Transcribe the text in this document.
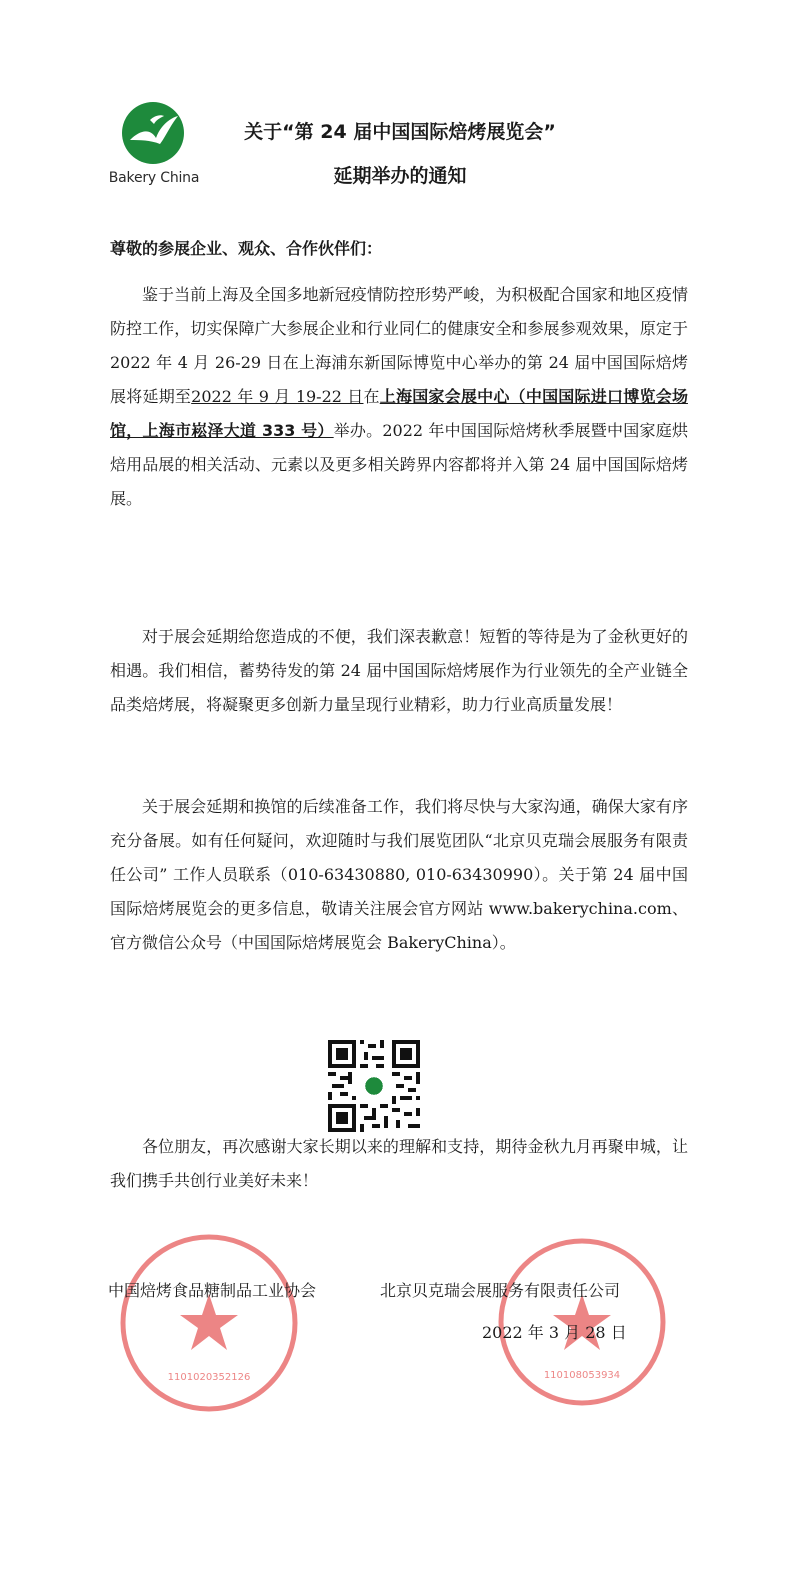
Bakery China
关于“第 24 届中国国际焙烤展览会”
延期举办的通知
尊敬的参展企业、观众、合作伙伴们：

鉴于当前上海及全国多地新冠疫情防控形势严峻，为积极配合国家和地区疫情防控工作，切实保障广大参展企业和行业同仁的健康安全和参展参观效果，原定于 2022 年 4 月 26-29 日在上海浦东新国际博览中心举办的第 24 届中国国际焙烤展将延期至2022 年 9 月 19-22 日在上海国家会展中心（中国国际进口博览会场馆，上海市崧泽大道 333 号）举办。2022 年中国国际焙烤秋季展暨中国家庭烘焙用品展的相关活动、元素以及更多相关跨界内容都将并入第 24 届中国国际焙烤展。

对于展会延期给您造成的不便，我们深表歉意！短暂的等待是为了金秋更好的相遇。我们相信，蓄势待发的第 24 届中国国际焙烤展作为行业领先的全产业链全品类焙烤展，将凝聚更多创新力量呈现行业精彩，助力行业高质量发展！

关于展会延期和换馆的后续准备工作，我们将尽快与大家沟通，确保大家有序充分备展。如有任何疑问，欢迎随时与我们展览团队“北京贝克瑞会展服务有限责任公司” 工作人员联系（010-63430880, 010-63430990）。关于第 24 届中国国际焙烤展览会的更多信息，敬请关注展会官方网站 www.bakerychina.com、官方微信公众号（中国国际焙烤展览会 BakeryChina）。

各位朋友，再次感谢大家长期以来的理解和支持，期待金秋九月再聚申城，让我们携手共创行业美好未来！

1101020352126	110108053934
中国焙烤食品糖制品工业协会	北京贝克瑞会展服务有限责任公司
2022 年 3 月 28 日
